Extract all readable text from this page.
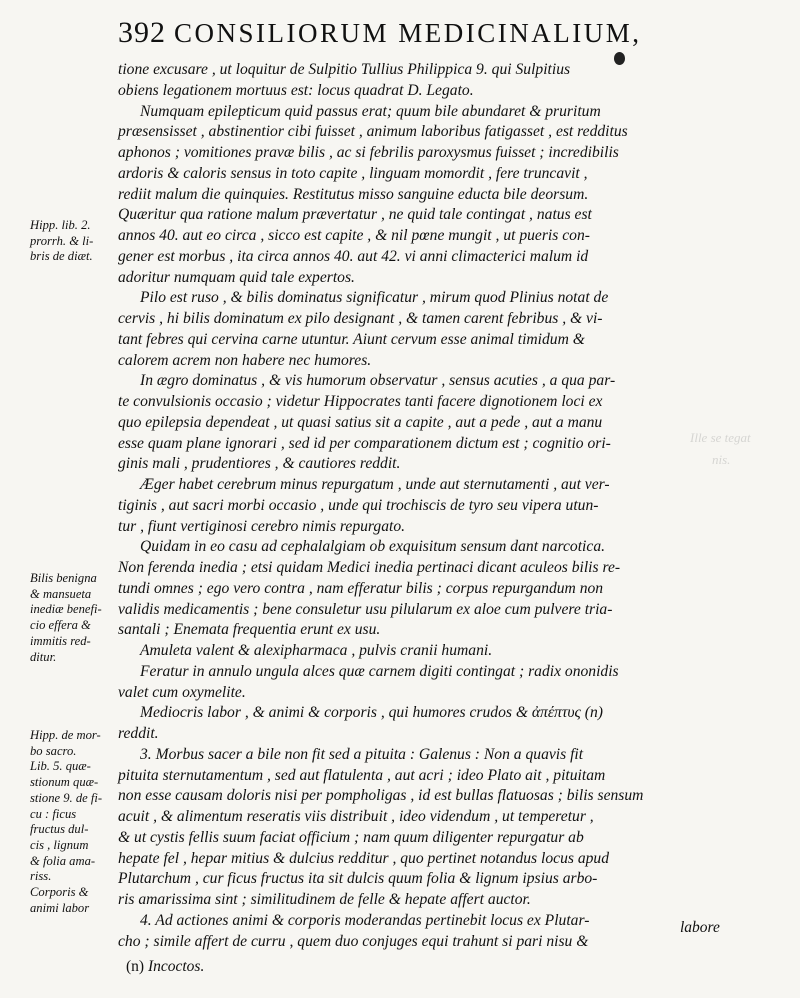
392 CONSILIORUM MEDICINALIUM,
Ille se tegat
nis.
tione excusare , ut loquitur de Sulpitio Tullius Philippica 9. qui Sulpitius
obiens legationem mortuus est: locus quadrat D. Legato.
Numquam epilepticum quid passus erat; quum bile abundaret & pruritum
præsensisset , abstinentior cibi fuisset , animum laboribus fatigasset , est redditus
aphonos ; vomitiones pravæ bilis , ac si febrilis paroxysmus fuisset ; incredibilis
ardoris & caloris sensus in toto capite , linguam momordit , fere truncavit ,
rediit malum die quinquies. Restitutus misso sanguine educta bile deorsum.
Quæritur qua ratione malum prævertatur , ne quid tale contingat , natus est
annos 40. aut eo circa , sicco est capite , & nil pœne mungit , ut pueris con-
gener est morbus , ita circa annos 40. aut 42. vi anni climacterici malum id
adoritur numquam quid tale expertos.
Pilo est ruso , & bilis dominatus significatur , mirum quod Plinius notat de
cervis , hi bilis dominatum ex pilo designant , & tamen carent febribus , & vi-
tant febres qui cervina carne utuntur. Aiunt cervum esse animal timidum &
calorem acrem non habere nec humores.
In ægro dominatus , & vis humorum observatur , sensus acuties , a qua par-
te convulsionis occasio ; videtur Hippocrates tanti facere dignotionem loci ex
quo epilepsia dependeat , ut quasi satius sit a capite , aut a pede , aut a manu
esse quam plane ignorari , sed id per comparationem dictum est ; cognitio ori-
ginis mali , prudentiores , & cautiores reddit.
Æger habet cerebrum minus repurgatum , unde aut sternutamenti , aut ver-
tiginis , aut sacri morbi occasio , unde qui trochiscis de tyro seu vipera utun-
tur , fiunt vertiginosi cerebro nimis repurgato.
Quidam in eo casu ad cephalalgiam ob exquisitum sensum dant narcotica.
Non ferenda inedia ; etsi quidam Medici inedia pertinaci dicant aculeos bilis re-
tundi omnes ; ego vero contra , nam efferatur bilis ; corpus repurgandum non
validis medicamentis ; bene consuletur usu pilularum ex aloe cum pulvere tria-
santali ; Enemata frequentia erunt ex usu.
Amuleta valent & alexipharmaca , pulvis cranii humani.
Feratur in annulo ungula alces quæ carnem digiti contingat ; radix ononidis
valet cum oxymelite.
Mediocris labor , & animi & corporis , qui humores crudos & ἀπέπτυς (n)
reddit.
3. Morbus sacer a bile non fit sed a pituita : Galenus : Non a quavis fit
pituita sternutamentum , sed aut flatulenta , aut acri ; ideo Plato ait , pituitam
non esse causam doloris nisi per pompholigas , id est bullas flatuosas ; bilis sensum
acuit , & alimentum reseratis viis distribuit , ideo videndum , ut temperetur ,
& ut cystis fellis suum faciat officium ; nam quum diligenter repurgatur ab
hepate fel , hepar mitius & dulcius redditur , quo pertinet notandus locus apud
Plutarchum , cur ficus fructus ita sit dulcis quum folia & lignum ipsius arbo-
ris amarissima sint ; similitudinem de felle & hepate affert auctor.
4. Ad actiones animi & corporis moderandas pertinebit locus ex Plutar-
cho ; simile affert de curru , quem duo conjuges equi trahunt si pari nisu &
labore
Hipp. lib. 2.
prorrh. & li-
bris de diæt.
Bilis benigna
& mansueta
inediæ benefi-
cio effera &
immitis red-
ditur.
Hipp. de mor-
bo sacro.
Lib. 5. quæ-
stionum quæ-
stione 9. de fi-
cu : ficus
fructus dul-
cis , lignum
& folia ama-
riss.
Corporis &
animi labor
(n) Incoctos.
